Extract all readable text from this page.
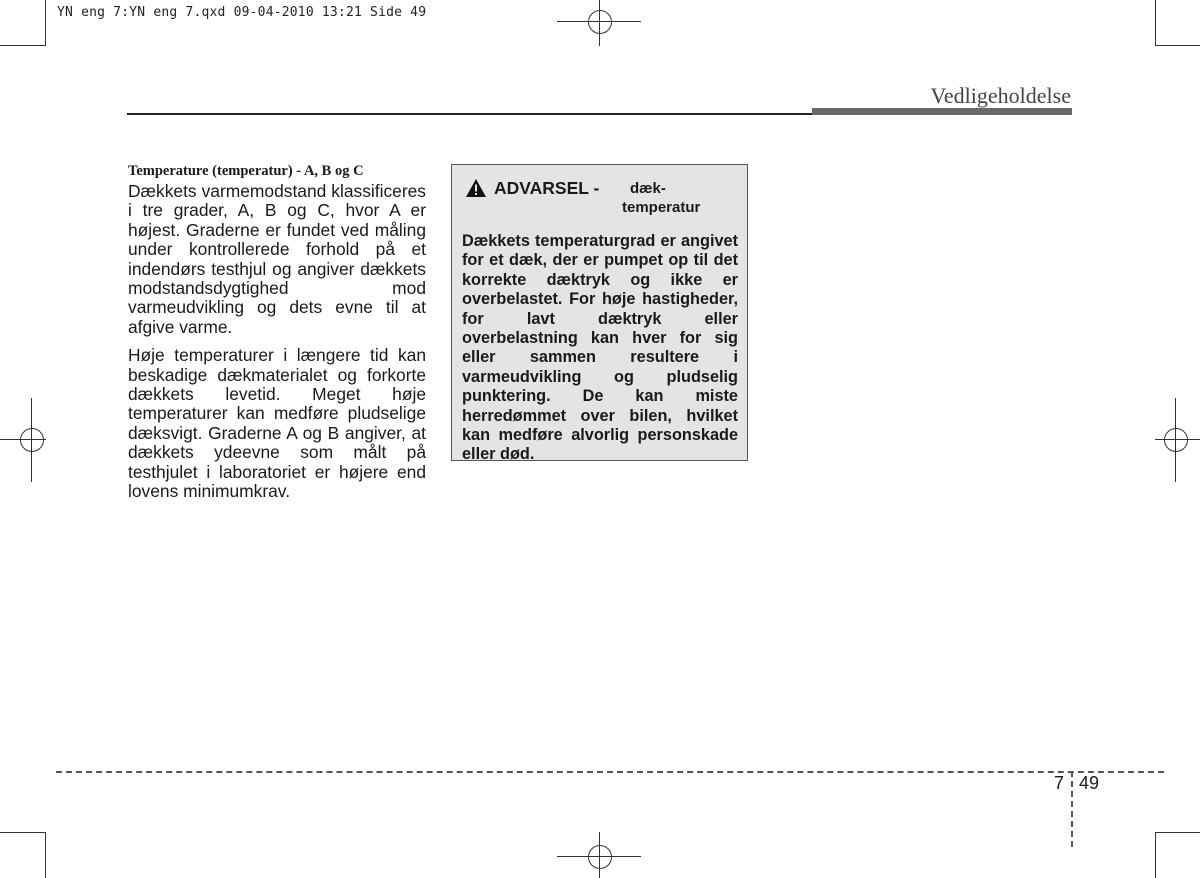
YN eng 7:YN eng 7.qxd 09-04-2010 13:21 Side 49
Vedligeholdelse
Temperature (temperatur) - A, B og C

Dækkets varmemodstand klassificeres i tre grader, A, B og C, hvor A er højest. Graderne er fundet ved måling under kontrollerede forhold på et indendørs testhjul og angiver dækkets modstandsdygtighed mod varmeudvikling og dets evne til at afgive varme.

Høje temperaturer i længere tid kan beskadige dækmaterialet og forkorte dækkets levetid. Meget høje temperaturer kan medføre pludselige dæksvigt. Graderne A og B angiver, at dækkets ydeevne som målt på testhjulet i laboratoriet er højere end lovens minimumkrav.

ADVARSEL - dæk-
temperatur

Dækkets temperaturgrad er angivet for et dæk, der er pumpet op til det korrekte dæktryk og ikke er overbelastet. For høje hastigheder, for lavt dæktryk eller overbelastning kan hver for sig eller sammen resultere i varmeudvikling og pludselig punktering. De kan miste herredømmet over bilen, hvilket kan medføre alvorlig personskade eller død.

7 49
